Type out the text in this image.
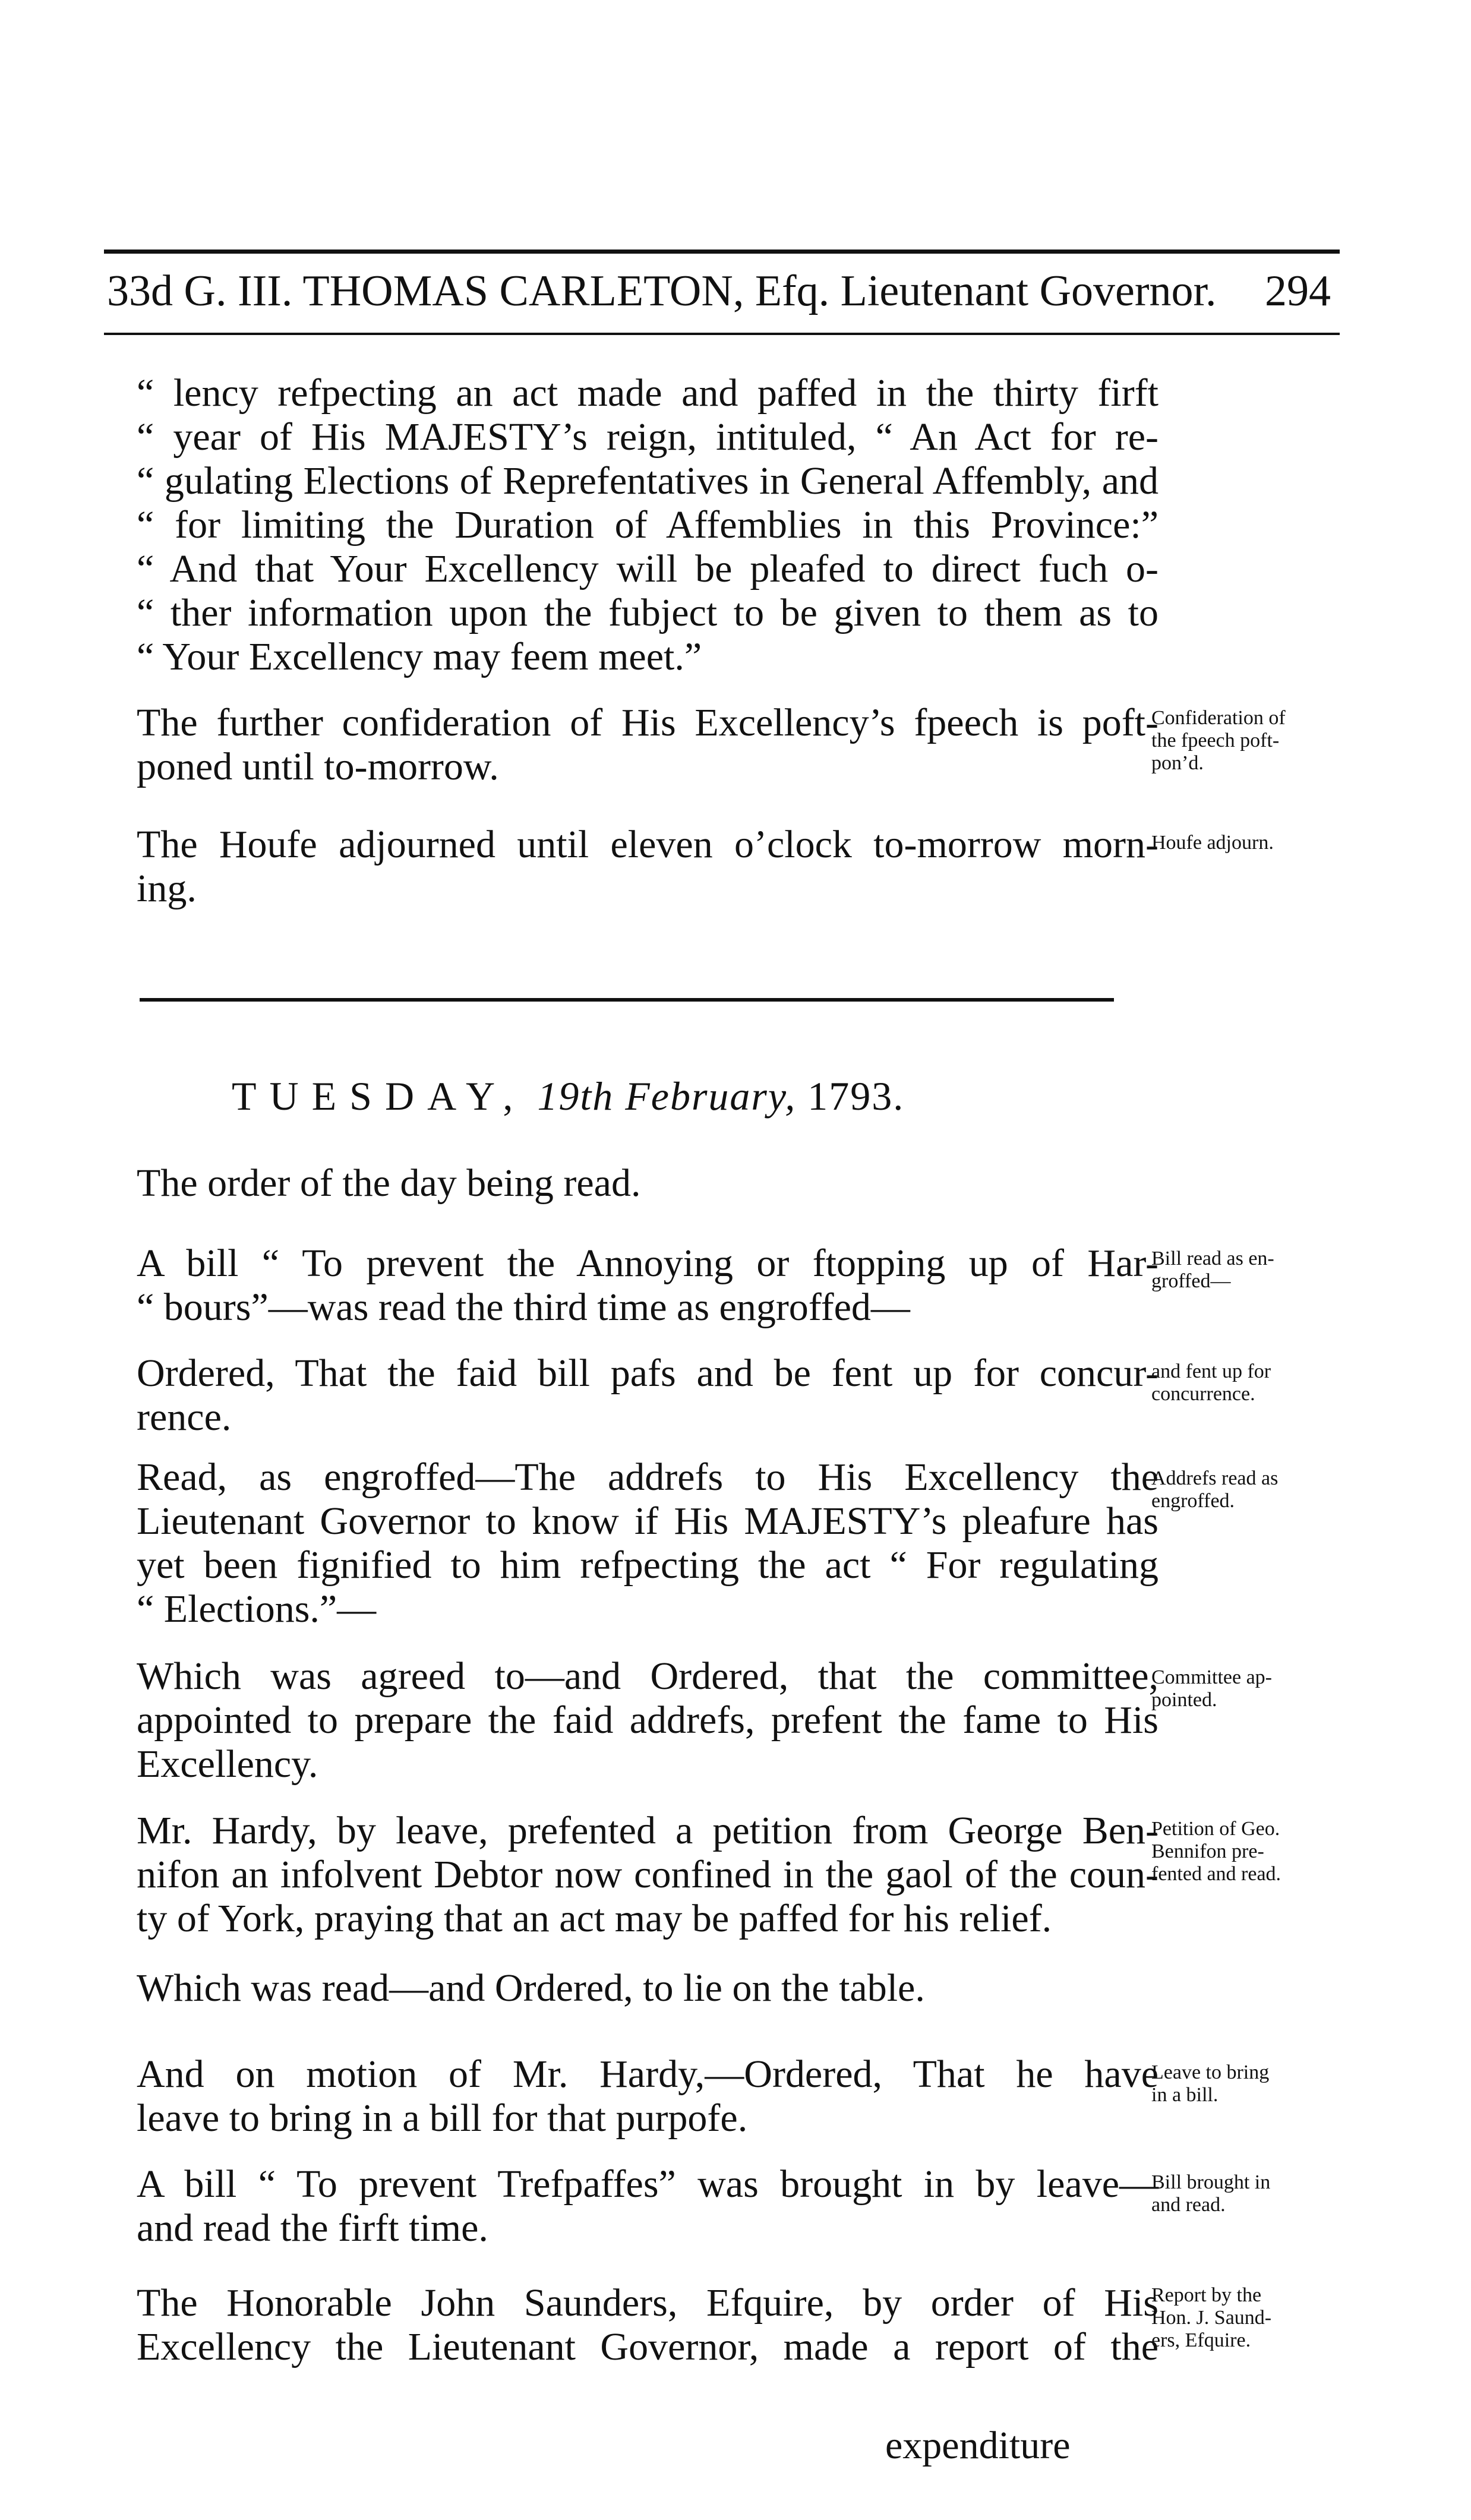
33d G. III. THOMAS CARLETON, Efq. Lieutenant Governor. 294
“ lency refpecting an act made and paffed in the thirty firft
“ year of His MAJESTY’s reign, intituled, “ An Act for re-
“ gulating Elections of Reprefentatives in General Affembly, and
“ for limiting the Duration of Affemblies in this Province:”
“ And that Your Excellency will be pleafed to direct fuch o-
“ ther information upon the fubject to be given to them as to
“ Your Excellency may feem meet.”
The further confideration of His Excellency’s fpeech is poft-
poned until to-morrow.
Confideration of
the fpeech poft-
pon’d.
The Houfe adjourned until eleven o’clock to-morrow morn-
ing.
Houfe adjourn.
TUESDAY, 19th February, 1793.
The order of the day being read.
A bill “ To prevent the Annoying or ftopping up of Har-
“ bours”—was read the third time as engroffed—
Bill read as en-
groffed—
Ordered, That the faid bill pafs and be fent up for concur-
rence.
and fent up for
concurrence.
Read, as engroffed—The addrefs to His Excellency the
Lieutenant Governor to know if His MAJESTY’s pleafure has
yet been fignified to him refpecting the act “ For regulating
“ Elections.”—
Addrefs read as
engroffed.
Which was agreed to—and Ordered, that the committee,
appointed to prepare the faid addrefs, prefent the fame to His
Excellency.
Committee ap-
pointed.
Mr. Hardy, by leave, prefented a petition from George Ben-
nifon an infolvent Debtor now confined in the gaol of the coun-
ty of York, praying that an act may be paffed for his relief.
Petition of Geo.
Bennifon pre-
fented and read.
Which was read—and Ordered, to lie on the table.
And on motion of Mr. Hardy,—Ordered, That he have
leave to bring in a bill for that purpofe.
Leave to bring
in a bill.
A bill “ To prevent Trefpaffes” was brought in by leave—
and read the firft time.
Bill brought in
and read.
The Honorable John Saunders, Efquire, by order of His
Excellency the Lieutenant Governor, made a report of the
expenditure
Report by the
Hon. J. Saund-
ers, Efquire.
